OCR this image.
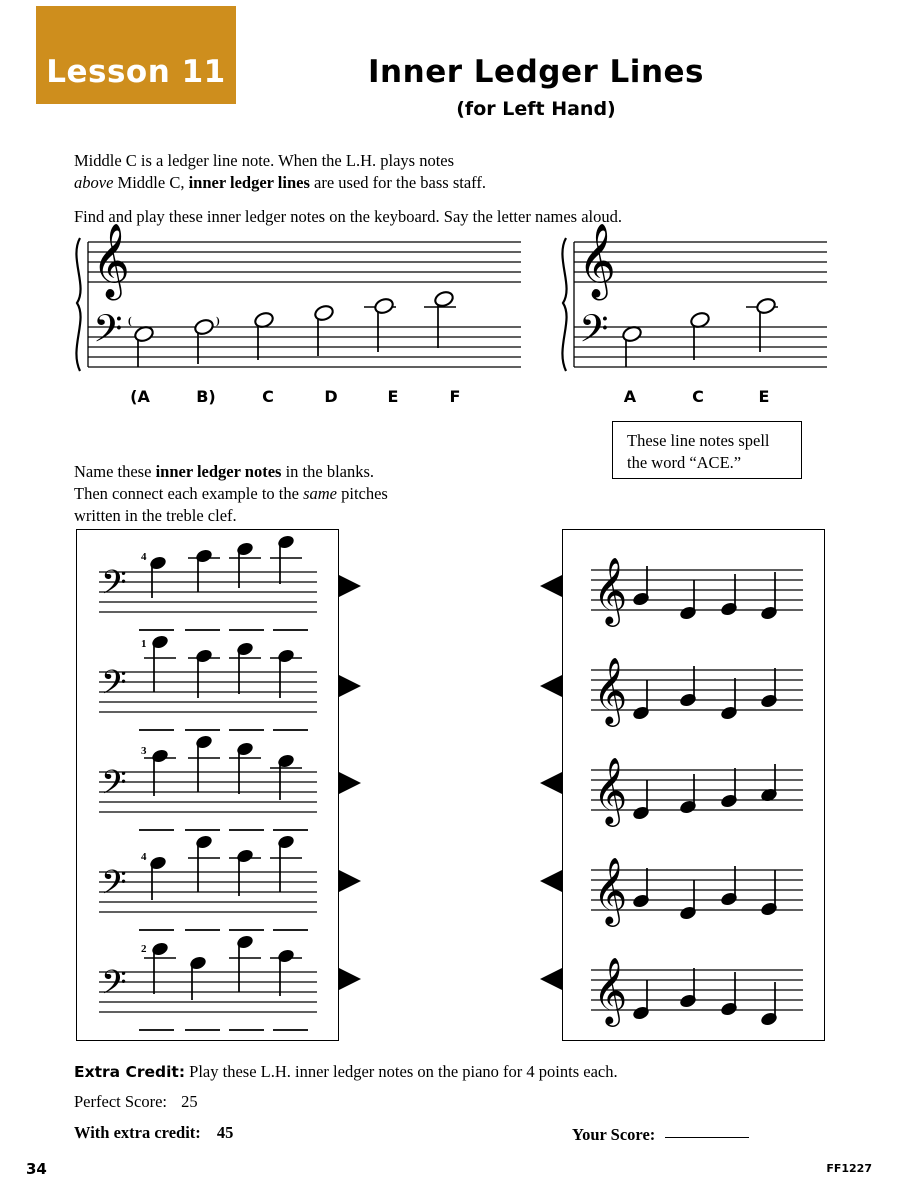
Lesson 11	Inner Ledger Lines
(for Left Hand)
Middle C is a ledger line note. When the L.H. plays notes
above Middle C, inner ledger lines are used for the bass staff.
Find and play these inner ledger notes on the keyboard. Say the letter names aloud.
𝄞
𝄢 (	)
(A	B)	C	D	E	F
𝄞
𝄢
A	C	E
These line notes spell
the word “ACE.”
Name these inner ledger notes in the blanks.
Then connect each example to the same pitches
written in the treble clef.
𝄢
4
𝄢
1
𝄢
3
𝄢
4
𝄢
2
𝄞
𝄞
𝄞
𝄞
𝄞
Extra Credit: Play these L.H. inner ledger notes on the piano for 4 points each.
Perfect Score: 25
With extra credit: 45	Your Score:
34	FF1227
